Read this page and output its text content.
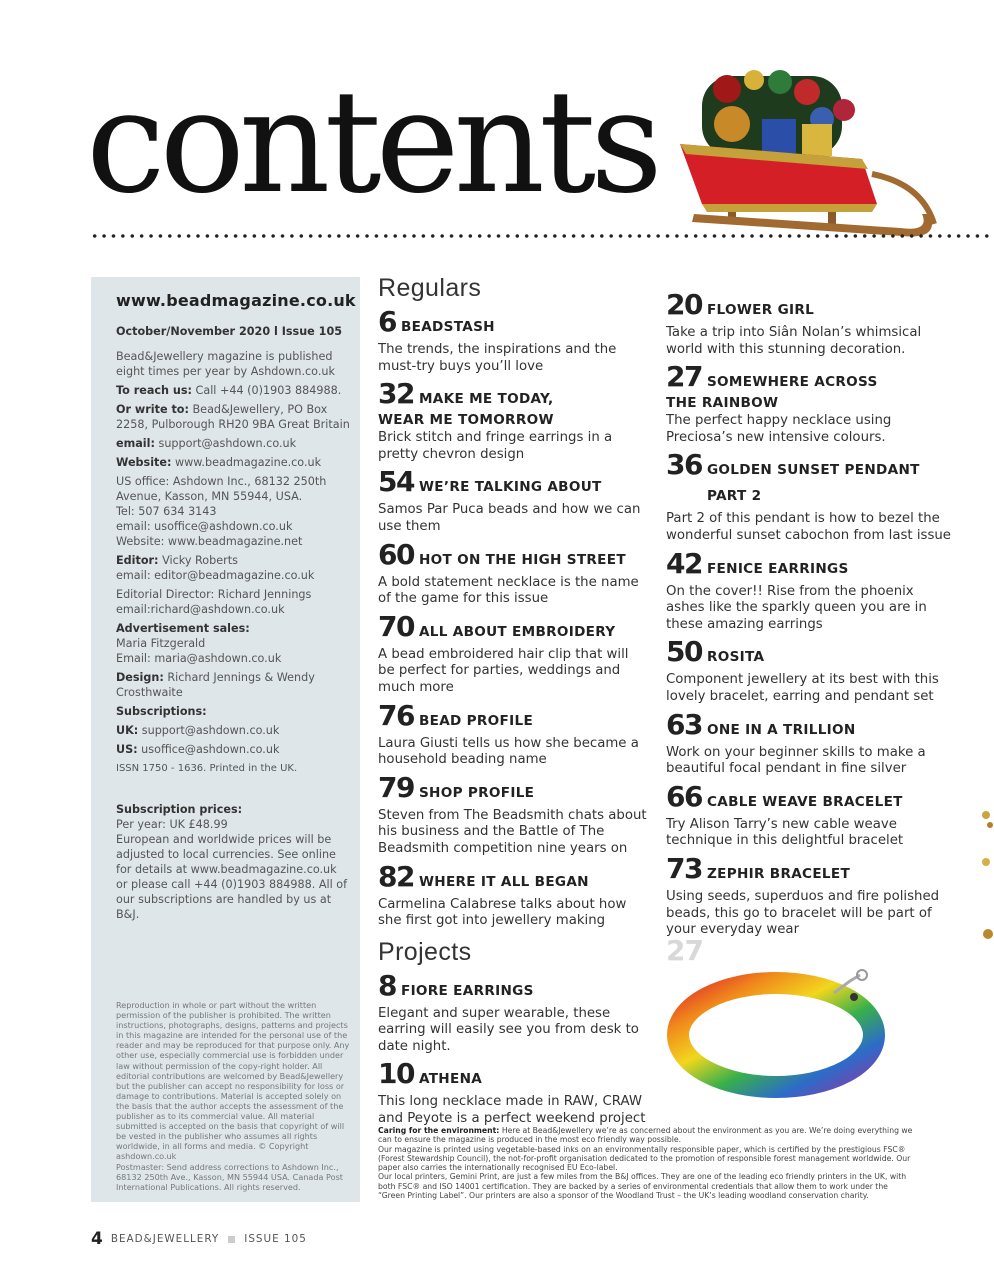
contents
www.beadmagazine.co.uk
October/November 2020 l Issue 105
Bead&Jewellery magazine is published eight times per year by Ashdown.co.uk
To reach us: Call +44 (0)1903 884988.
Or write to: Bead&Jewellery, PO Box 2258, Pulborough RH20 9BA Great Britain
email: support@ashdown.co.uk
Website: www.beadmagazine.co.uk
US office: Ashdown Inc., 68132 250th Avenue, Kasson, MN 55944, USA.
Tel: 507 634 3143
email: usoffice@ashdown.co.uk
Website: www.beadmagazine.net
Editor: Vicky Roberts
email: editor@beadmagazine.co.uk
Editorial Director: Richard Jennings
email:richard@ashdown.co.uk
Advertisement sales:
Maria Fitzgerald
Email: maria@ashdown.co.uk
Design: Richard Jennings & Wendy Crosthwaite
Subscriptions:
UK: support@ashdown.co.uk
US: usoffice@ashdown.co.uk
ISSN 1750 - 1636. Printed in the UK.
Subscription prices:
Per year: UK £48.99
European and worldwide prices will be adjusted to local currencies. See online for details at www.beadmagazine.co.uk or please call +44 (0)1903 884988. All of our subscriptions are handled by us at B&J.
Reproduction in whole or part without the written permission of the publisher is prohibited. The written instructions, photographs, designs, patterns and projects in this magazine are intended for the personal use of the reader and may be reproduced for that purpose only. Any other use, especially commercial use is forbidden under law without permission of the copy-right holder. All editorial contributions are welcomed by Bead&Jewellery but the publisher can accept no responsibility for loss or damage to contributions. Material is accepted solely on the basis that the author accepts the assessment of the publisher as to its commercial value. All material submitted is accepted on the basis that copyright of will be vested in the publisher who assumes all rights worldwide, in all forms and media. © Copyright ashdown.co.uk
Postmaster: Send address corrections to Ashdown Inc., 68132 250th Ave., Kasson, MN 55944 USA. Canada Post International Publications. All rights reserved.
Regulars
6 BEADSTASH
The trends, the inspirations and the must-try buys you’ll love
32 MAKE ME TODAY,
WEAR ME TOMORROW
Brick stitch and fringe earrings in a pretty chevron design
54 WE’RE TALKING ABOUT
Samos Par Puca beads and how we can use them
60 HOT ON THE HIGH STREET
A bold statement necklace is the name of the game for this issue
70 ALL ABOUT EMBROIDERY
A bead embroidered hair clip that will be perfect for parties, weddings and much more
76 BEAD PROFILE
Laura Giusti tells us how she became a household beading name
79 SHOP PROFILE
Steven from The Beadsmith chats about his business and the Battle of The Beadsmith competition nine years on
82 WHERE IT ALL BEGAN
Carmelina Calabrese talks about how she first got into jewellery making
Projects
8 FIORE EARRINGS
Elegant and super wearable, these earring will easily see you from desk to date night.
10 ATHENA
This long necklace made in RAW, CRAW and Peyote is a perfect weekend project
20 FLOWER GIRL
Take a trip into Siân Nolan’s whimsical world with this stunning decoration.
27 SOMEWHERE ACROSS
THE RAINBOW
The perfect happy necklace using Preciosa’s new intensive colours.
36 GOLDEN SUNSET PENDANT PART 2
Part 2 of this pendant is how to bezel the wonderful sunset cabochon from last issue
42 FENICE EARRINGS
On the cover!! Rise from the phoenix ashes like the sparkly queen you are in these amazing earrings
50 ROSITA
Component jewellery at its best with this lovely bracelet, earring and pendant set
63 ONE IN A TRILLION
Work on your beginner skills to make a beautiful focal pendant in fine silver
66 CABLE WEAVE BRACELET
Try Alison Tarry’s new cable weave technique in this delightful bracelet
73 ZEPHIR BRACELET
Using seeds, superduos and fire polished beads, this go to bracelet will be part of your everyday wear
27
Caring for the environment: Here at Bead&Jewellery we’re as concerned about the environment as you are. We’re doing everything we can to ensure the magazine is produced in the most eco friendly way possible.
Our magazine is printed using vegetable-based inks on an environmentally responsible paper, which is certified by the prestigious FSC® (Forest Stewardship Council), the not-for-profit organisation dedicated to the promotion of responsible forest management worldwide. Our paper also carries the internationally recognised EU Eco-label.
Our local printers, Gemini Print, are just a few miles from the B&J offices. They are one of the leading eco friendly printers in the UK, with both FSC® and ISO 14001 certification. They are backed by a series of environmental credentials that allow them to work under the “Green Printing Label”. Our printers are also a sponsor of the Woodland Trust – the UK’s leading woodland conservation charity.
4 BEAD&JEWELLERY ISSUE 105
